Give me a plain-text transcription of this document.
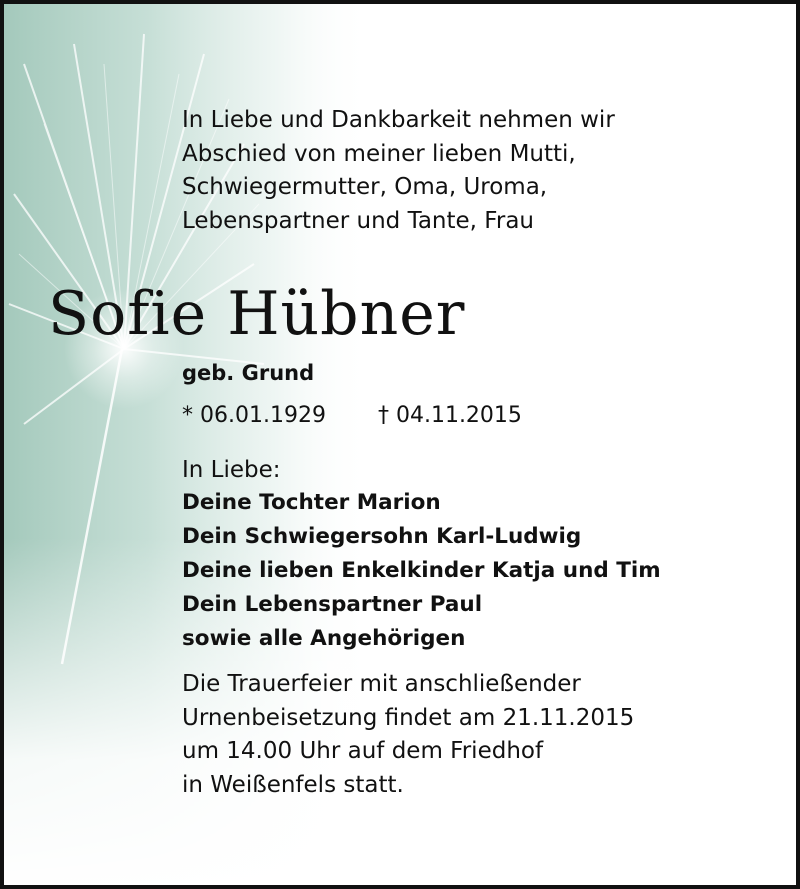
In Liebe und Dankbarkeit nehmen wir
Abschied von meiner lieben Mutti,
Schwiegermutter, Oma, Uroma,
Lebenspartner und Tante, Frau
Sofie Hübner
geb. Grund
* 06.01.1929 † 04.11.2015
In Liebe:
Deine Tochter Marion
Dein Schwiegersohn Karl-Ludwig
Deine lieben Enkelkinder Katja und Tim
Dein Lebenspartner Paul
sowie alle Angehörigen
Die Trauerfeier mit anschließender
Urnenbeisetzung findet am 21.11.2015
um 14.00 Uhr auf dem Friedhof
in Weißenfels statt.
